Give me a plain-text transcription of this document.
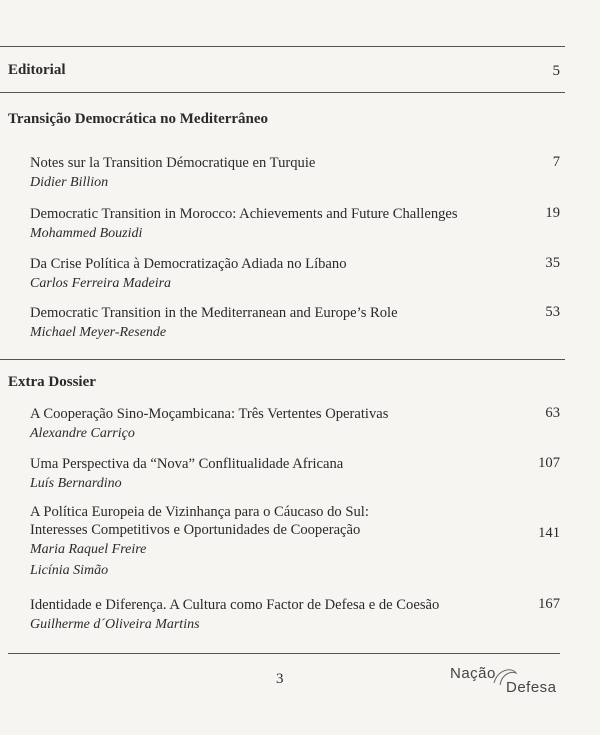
Editorial	5
Transição Democrática no Mediterrâneo
Notes sur la Transition Démocratique en Turquie
Didier Billion
7
Democratic Transition in Morocco: Achievements and Future Challenges
Mohammed Bouzidi
19
Da Crise Política à Democratização Adiada no Líbano
Carlos Ferreira Madeira
35
Democratic Transition in the Mediterranean and Europe’s Role
Michael Meyer-Resende
53
Extra Dossier
A Cooperação Sino-Moçambicana: Três Vertentes Operativas
Alexandre Carriço
63
Uma Perspectiva da “Nova” Conflitualidade Africana
Luís Bernardino
107
A Política Europeia de Vizinhança para o Cáucaso do Sul:
Interesses Competitivos e Oportunidades de Cooperação
Maria Raquel Freire
Licínia Simão
141
Identidade e Diferença. A Cultura como Factor de Defesa e de Coesão
Guilherme d´Oliveira Martins
167
3	Nação
Defesa
